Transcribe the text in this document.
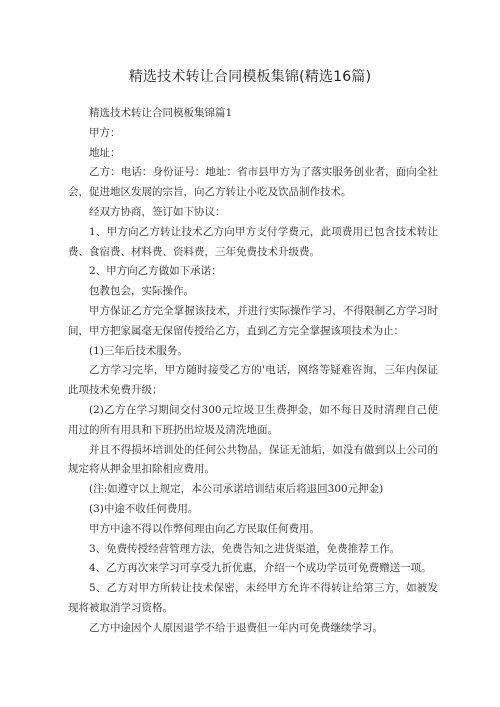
精选技术转让合同模板集锦(精选16篇)

精选技术转让合同模板集锦篇1

甲方：

地址：

乙方：电话：身份证号：地址：省市县甲方为了落实服务创业者，面向全社会，促进地区发展的宗旨，向乙方转让小吃及饮品制作技术。

经双方协商，签订如下协议：

1、甲方向乙方转让技术乙方向甲方支付学费元，此项费用已包含技术转让费、食宿费、材料费、资料费，三年免费技术升级费。

2、甲方向乙方做如下承诺：

包教包会，实际操作。

甲方保证乙方完全掌握该技术，并进行实际操作学习，不得限制乙方学习时间，甲方把家属毫无保留传授给乙方，直到乙方完全掌握该项技术为止：

(1)三年后技术服务。

乙方学习完毕，甲方随时接受乙方的'电话，网络等疑难咨询，三年内保证此项技术免费升级；

(2)乙方在学习期间交付300元垃圾卫生费押金，如不每日及时清理自己使用过的所有用具和下班扔出垃圾及清洗地面。

并且不得损坏培训处的任何公共物品，保证无油垢，如没有做到以上公司的规定将从押金里扣除相应费用。

(注:如遵守以上规定，本公司承诺培训结束后将退回300元押金)

(3)中途不收任何费用。

甲方中途不得以作弊何理由向乙方民取任何费用。

3、免费传授经营管理方法，免费告知之进货渠道，免费推荐工作。

4、乙方再次来学习可享受九折优惠，介绍一个成功学员可免费赠送一项。

5、乙方对甲方所转让技术保密，未经甲方允许不得转让给第三方，如被发现将被取消学习资格。

乙方中途因个人原因退学不给于退费但一年内可免费继续学习。
